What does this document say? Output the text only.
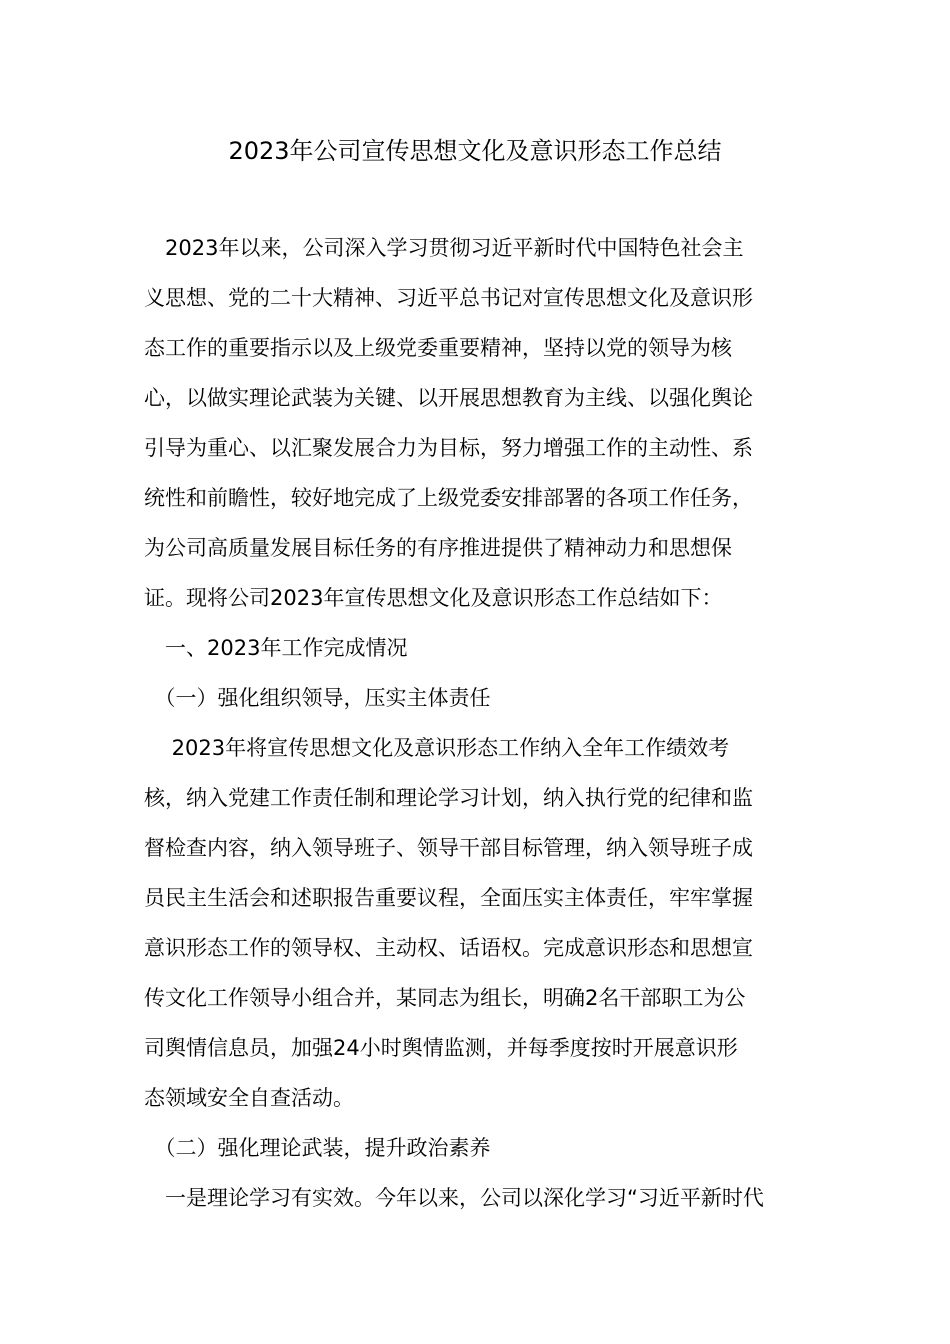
2023年公司宣传思想文化及意识形态工作总结
　2023年以来，公司深入学习贯彻习近平新时代中国特色社会主
义思想、党的二十大精神、习近平总书记对宣传思想文化及意识形
态工作的重要指示以及上级党委重要精神，坚持以党的领导为核
心，以做实理论武装为关键、以开展思想教育为主线、以强化舆论
引导为重心、以汇聚发展合力为目标，努力增强工作的主动性、系
统性和前瞻性，较好地完成了上级党委安排部署的各项工作任务，
为公司高质量发展目标任务的有序推进提供了精神动力和思想保
证。现将公司2023年宣传思想文化及意识形态工作总结如下：
　一、2023年工作完成情况
　（一）强化组织领导，压实主体责任
　 2023年将宣传思想文化及意识形态工作纳入全年工作绩效考
核，纳入党建工作责任制和理论学习计划，纳入执行党的纪律和监
督检查内容，纳入领导班子、领导干部目标管理，纳入领导班子成
员民主生活会和述职报告重要议程，全面压实主体责任，牢牢掌握
意识形态工作的领导权、主动权、话语权。完成意识形态和思想宣
传文化工作领导小组合并，某同志为组长，明确2名干部职工为公
司舆情信息员，加强24小时舆情监测，并每季度按时开展意识形
态领域安全自查活动。
　（二）强化理论武装，提升政治素养
　一是理论学习有实效。今年以来，公司以深化学习“习近平新时代
